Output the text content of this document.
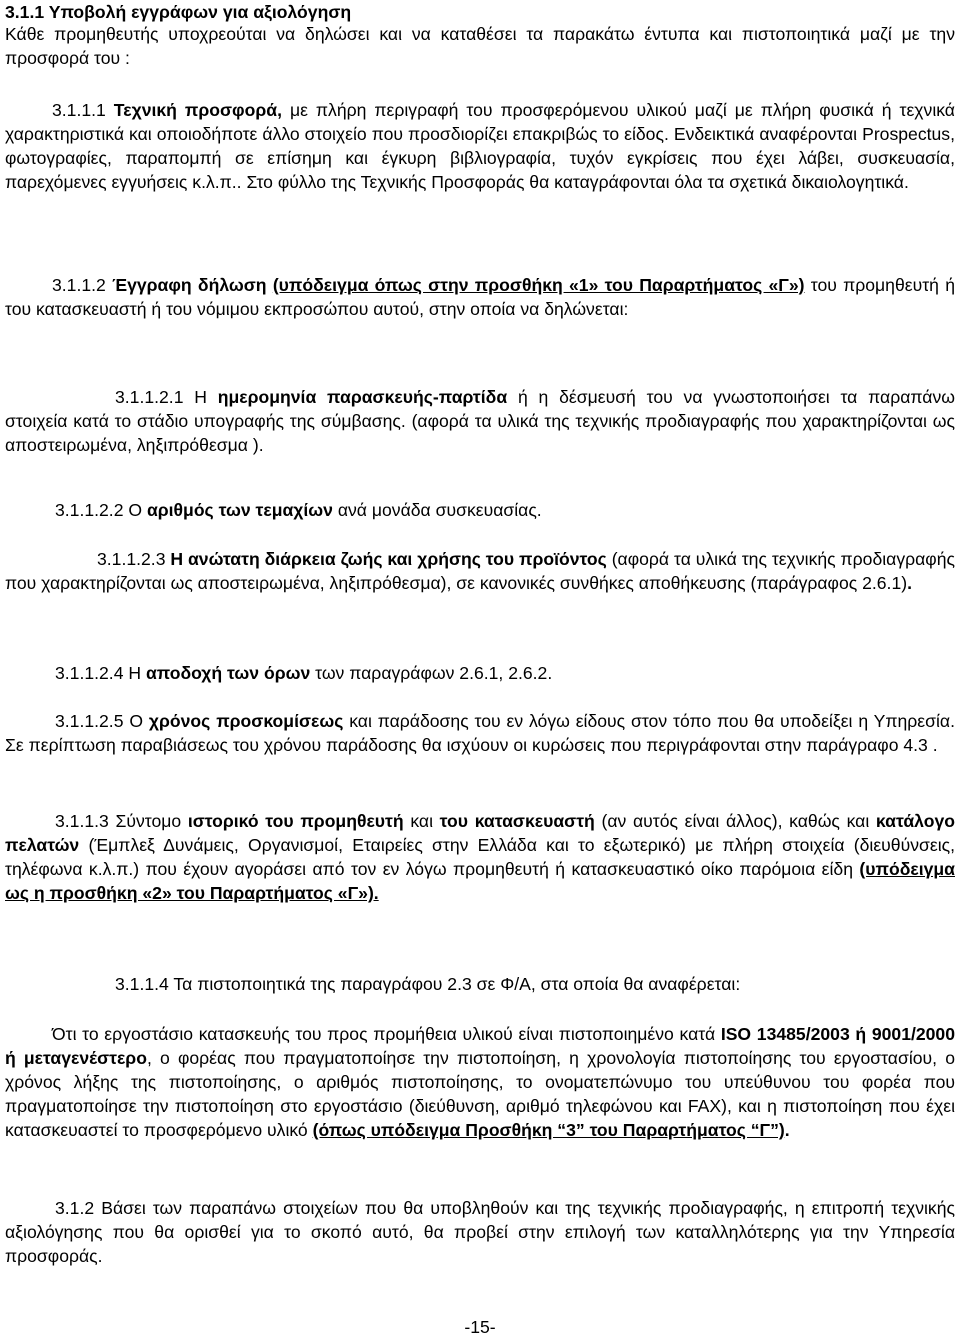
3.1.1 Υποβολή εγγράφων για αξιολόγηση

Κάθε προμηθευτής υποχρεούται να δηλώσει και να καταθέσει τα παρακάτω έντυπα και πιστοποιητικά μαζί με την προσφορά του :

3.1.1.1 Τεχνική προσφορά, με πλήρη περιγραφή του προσφερόμενου υλικού μαζί με πλήρη φυσικά ή τεχνικά χαρακτηριστικά και οποιοδήποτε άλλο στοιχείο που προσδιορίζει επακριβώς το είδος. Ενδεικτικά αναφέρονται Prospectus, φωτογραφίες, παραπομπή σε επίσημη και έγκυρη βιβλιογραφία, τυχόν εγκρίσεις που έχει λάβει, συσκευασία, παρεχόμενες εγγυήσεις κ.λ.π.. Στο φύλλο της Τεχνικής Προσφοράς θα καταγράφονται όλα τα σχετικά δικαιολογητικά.

3.1.1.2 Έγγραφη δήλωση (υπόδειγμα όπως στην προσθήκη «1» του Παραρτήματος «Γ») του προμηθευτή ή του κατασκευαστή ή του νόμιμου εκπροσώπου αυτού, στην οποία να δηλώνεται:

3.1.1.2.1 Η ημερομηνία παρασκευής-παρτίδα ή η δέσμευσή του να γνωστοποιήσει τα παραπάνω στοιχεία κατά το στάδιο υπογραφής της σύμβασης. (αφορά τα υλικά της τεχνικής προδιαγραφής που χαρακτηρίζονται ως αποστειρωμένα, ληξιπρόθεσμα ).

3.1.1.2.2 Ο αριθμός των τεμαχίων ανά μονάδα συσκευασίας.

3.1.1.2.3 Η ανώτατη διάρκεια ζωής και χρήσης του προϊόντος (αφορά τα υλικά της τεχνικής προδιαγραφής που χαρακτηρίζονται ως αποστειρωμένα, ληξιπρόθεσμα), σε κανονικές συνθήκες αποθήκευσης (παράγραφος 2.6.1).

3.1.1.2.4 Η αποδοχή των όρων των παραγράφων 2.6.1, 2.6.2.

3.1.1.2.5 Ο χρόνος προσκομίσεως και παράδοσης του εν λόγω είδους στον τόπο που θα υποδείξει η Υπηρεσία. Σε περίπτωση παραβιάσεως του χρόνου παράδοσης θα ισχύουν οι κυρώσεις που περιγράφονται στην παράγραφο 4.3 .

3.1.1.3 Σύντομο ιστορικό του προμηθευτή και του κατασκευαστή (αν αυτός είναι άλλος), καθώς και κατάλογο πελατών (Έμπλεξ Δυνάμεις, Οργανισμοί, Εταιρείες στην Ελλάδα και το εξωτερικό) με πλήρη στοιχεία (διευθύνσεις, τηλέφωνα κ.λ.π.) που έχουν αγοράσει από τον εν λόγω προμηθευτή ή κατασκευαστικό οίκο παρόμοια είδη (υπόδειγμα ως η προσθήκη «2» του Παραρτήματος «Γ»).

3.1.1.4 Τα πιστοποιητικά της παραγράφου 2.3 σε Φ/Α, στα οποία θα αναφέρεται:

Ότι το εργοστάσιο κατασκευής του προς προμήθεια υλικού είναι πιστοποιημένο κατά ISO 13485/2003 ή 9001/2000 ή μεταγενέστερο, ο φορέας που πραγματοποίησε την πιστοποίηση, η χρονολογία πιστοποίησης του εργοστασίου, ο χρόνος λήξης της πιστοποίησης, ο αριθμός πιστοποίησης, το ονοματεπώνυμο του υπεύθυνου του φορέα που πραγματοποίησε την πιστοποίηση στο εργοστάσιο (διεύθυνση, αριθμό τηλεφώνου και FAX), και η πιστοποίηση που έχει κατασκευαστεί το προσφερόμενο υλικό (όπως υπόδειγμα Προσθήκη “3” του Παραρτήματος “Γ”).

3.1.2 Βάσει των παραπάνω στοιχείων που θα υποβληθούν και της τεχνικής προδιαγραφής, η επιτροπή τεχνικής αξιολόγησης που θα ορισθεί για το σκοπό αυτό, θα προβεί στην επιλογή των καταλληλότερης για την Υπηρεσία προσφοράς.

-15-
